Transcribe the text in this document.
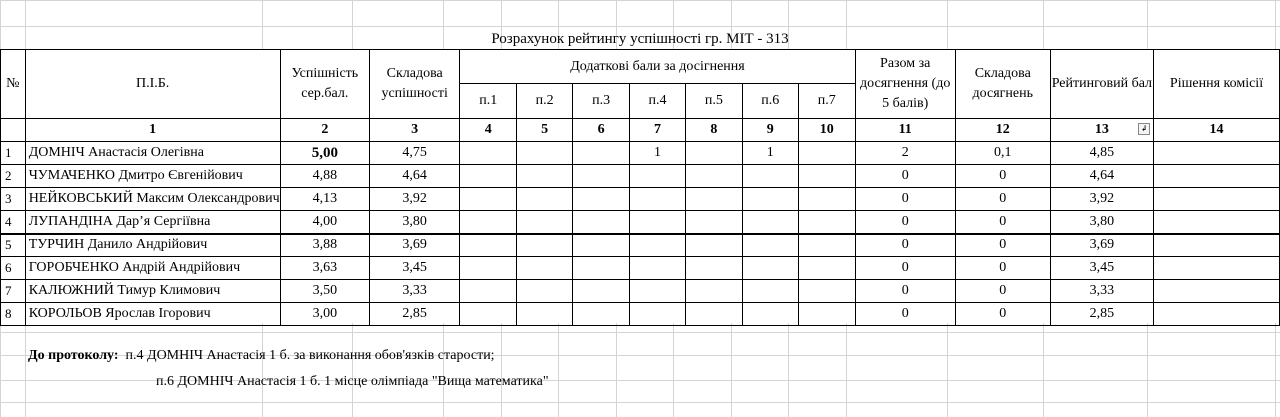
Розрахунок рейтингу успішності гр. МІТ - 313
№	П.І.Б.	Успішність сер.бал.	Складова успішності	Додаткові бали за досігнення							Разом за досягнення (до 5 балів)	Складова досягнень	Рейтинговий бал	Рішення комісії
				п.1	п.2	п.3	п.4	п.5	п.6	п.7				
	1	2	3	4	5	6	7	8	9	10	11	12	13 ↲	14
1	ДОМНІЧ Анастасія Олегівна	5,00	4,75				1		1		2	0,1	4,85	
2	ЧУМАЧЕНКО Дмитро Євгенійович	4,88	4,64								0	0	4,64	
3	НЕЙКОВСЬКИЙ Максим Олександрович	4,13	3,92								0	0	3,92	
4	ЛУПАНДІНА Дар’я Сергіївна	4,00	3,80								0	0	3,80	
5	ТУРЧИН Данило Андрійович	3,88	3,69								0	0	3,69	
6	ГОРОБЧЕНКО Андрій Андрійович	3,63	3,45								0	0	3,45	
7	КАЛЮЖНИЙ Тимур Климович	3,50	3,33								0	0	3,33	
8	КОРОЛЬОВ Ярослав Ігорович	3,00	2,85								0	0	2,85	
До протоколу: п.4 ДОМНІЧ Анастасія 1 б. за виконання обов'язків старости;
п.6 ДОМНІЧ Анастасія 1 б. 1 місце олімпіада "Вища математика"
